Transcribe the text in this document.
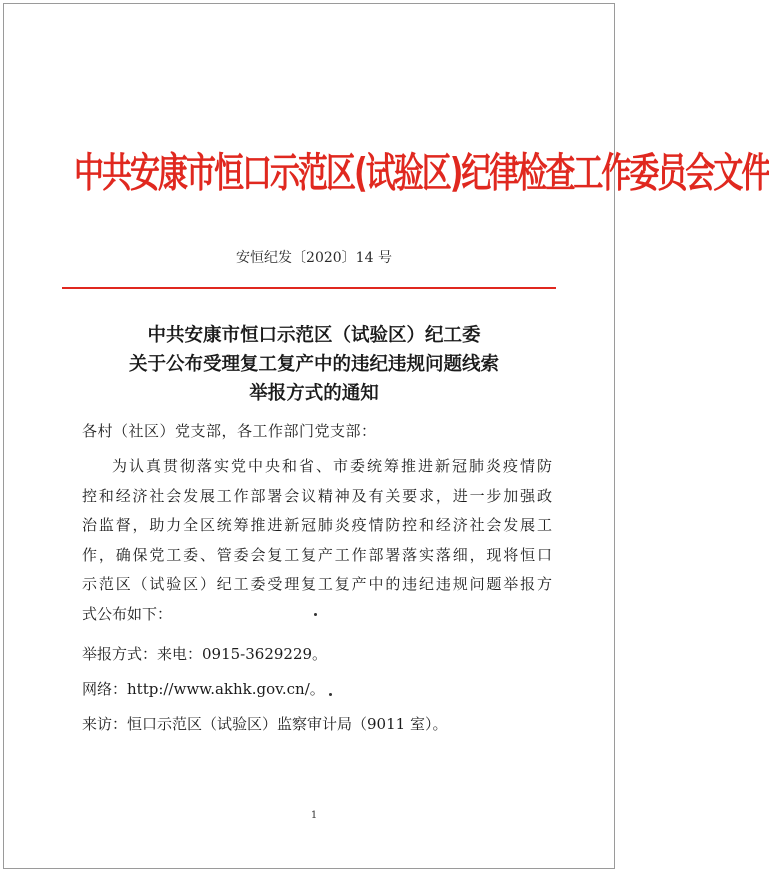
中共安康市恒口示范区(试验区)纪律检查工作委员会文件
安恒纪发〔2020〕14 号
中共安康市恒口示范区（试验区）纪工委
关于公布受理复工复产中的违纪违规问题线索
举报方式的通知
各村（社区）党支部，各工作部门党支部：
为认真贯彻落实党中央和省、市委统筹推进新冠肺炎疫情防
控和经济社会发展工作部署会议精神及有关要求，进一步加强政
治监督，助力全区统筹推进新冠肺炎疫情防控和经济社会发展工
作，确保党工委、管委会复工复产工作部署落实落细，现将恒口
示范区（试验区）纪工委受理复工复产中的违纪违规问题举报方
式公布如下：
举报方式：来电：0915-3629229。
网络：http://www.akhk.gov.cn/。
来访：恒口示范区（试验区）监察审计局（9011 室）。
1
